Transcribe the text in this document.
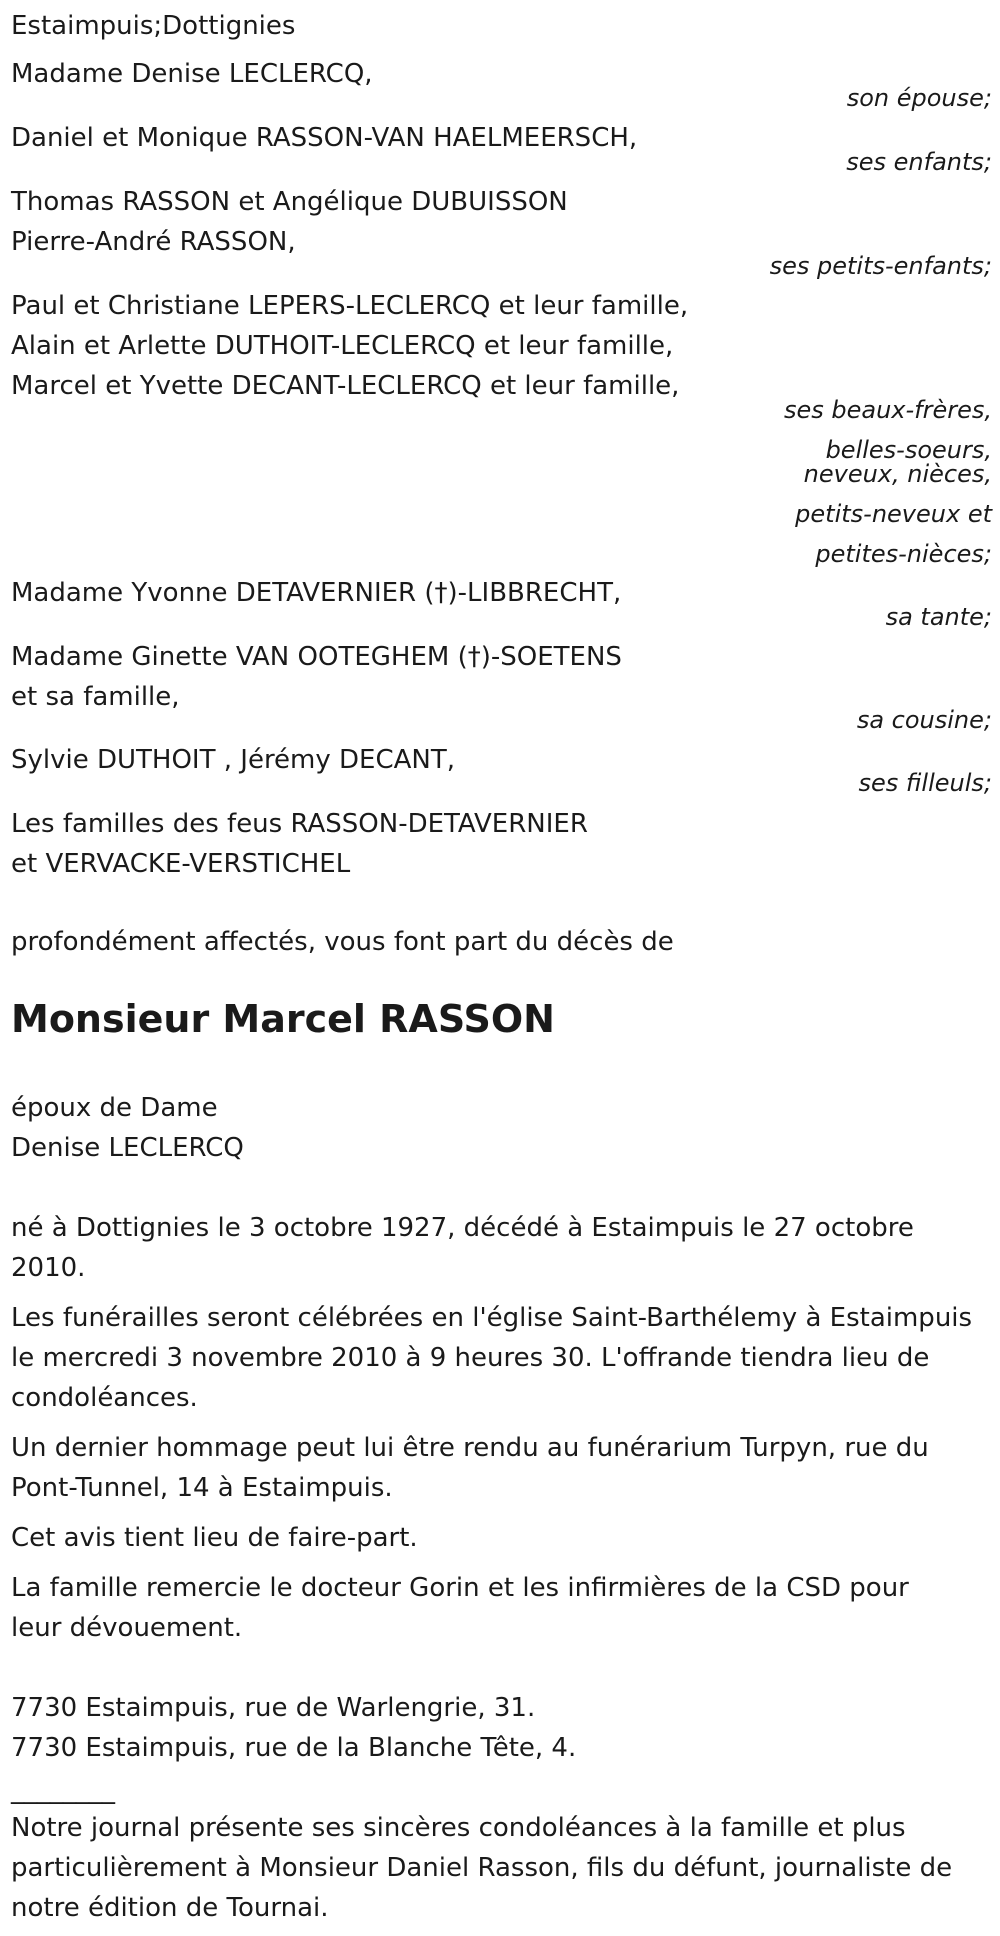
Estaimpuis;Dottignies
Madame Denise LECLERCQ,
son épouse;
Daniel et Monique RASSON-VAN HAELMEERSCH,
ses enfants;
Thomas RASSON et Angélique DUBUISSON
Pierre-André RASSON,
ses petits-enfants;
Paul et Christiane LEPERS-LECLERCQ et leur famille,
Alain et Arlette DUTHOIT-LECLERCQ et leur famille,
Marcel et Yvette DECANT-LECLERCQ et leur famille,
ses beaux-frères,
belles-soeurs,
neveux, nièces,
petits-neveux et
petites-nièces;
Madame Yvonne DETAVERNIER (†)-LIBBRECHT,
sa tante;
Madame Ginette VAN OOTEGHEM (†)-SOETENS
et sa famille,
sa cousine;
Sylvie DUTHOIT , Jérémy DECANT,
ses filleuls;
Les familles des feus RASSON-DETAVERNIER
et VERVACKE-VERSTICHEL
profondément affectés, vous font part du décès de
Monsieur Marcel RASSON
époux de Dame
Denise LECLERCQ
né à Dottignies le 3 octobre 1927, décédé à Estaimpuis le 27 octobre
2010.
Les funérailles seront célébrées en l'église Saint-Barthélemy à Estaimpuis
le mercredi 3 novembre 2010 à 9 heures 30. L'offrande tiendra lieu de
condoléances.
Un dernier hommage peut lui être rendu au funérarium Turpyn, rue du
Pont-Tunnel, 14 à Estaimpuis.
Cet avis tient lieu de faire-part.
La famille remercie le docteur Gorin et les infirmières de la CSD pour
leur dévouement.
7730 Estaimpuis, rue de Warlengrie, 31.
7730 Estaimpuis, rue de la Blanche Tête, 4.
________
Notre journal présente ses sincères condoléances à la famille et plus
particulièrement à Monsieur Daniel Rasson, fils du défunt, journaliste de
notre édition de Tournai.
